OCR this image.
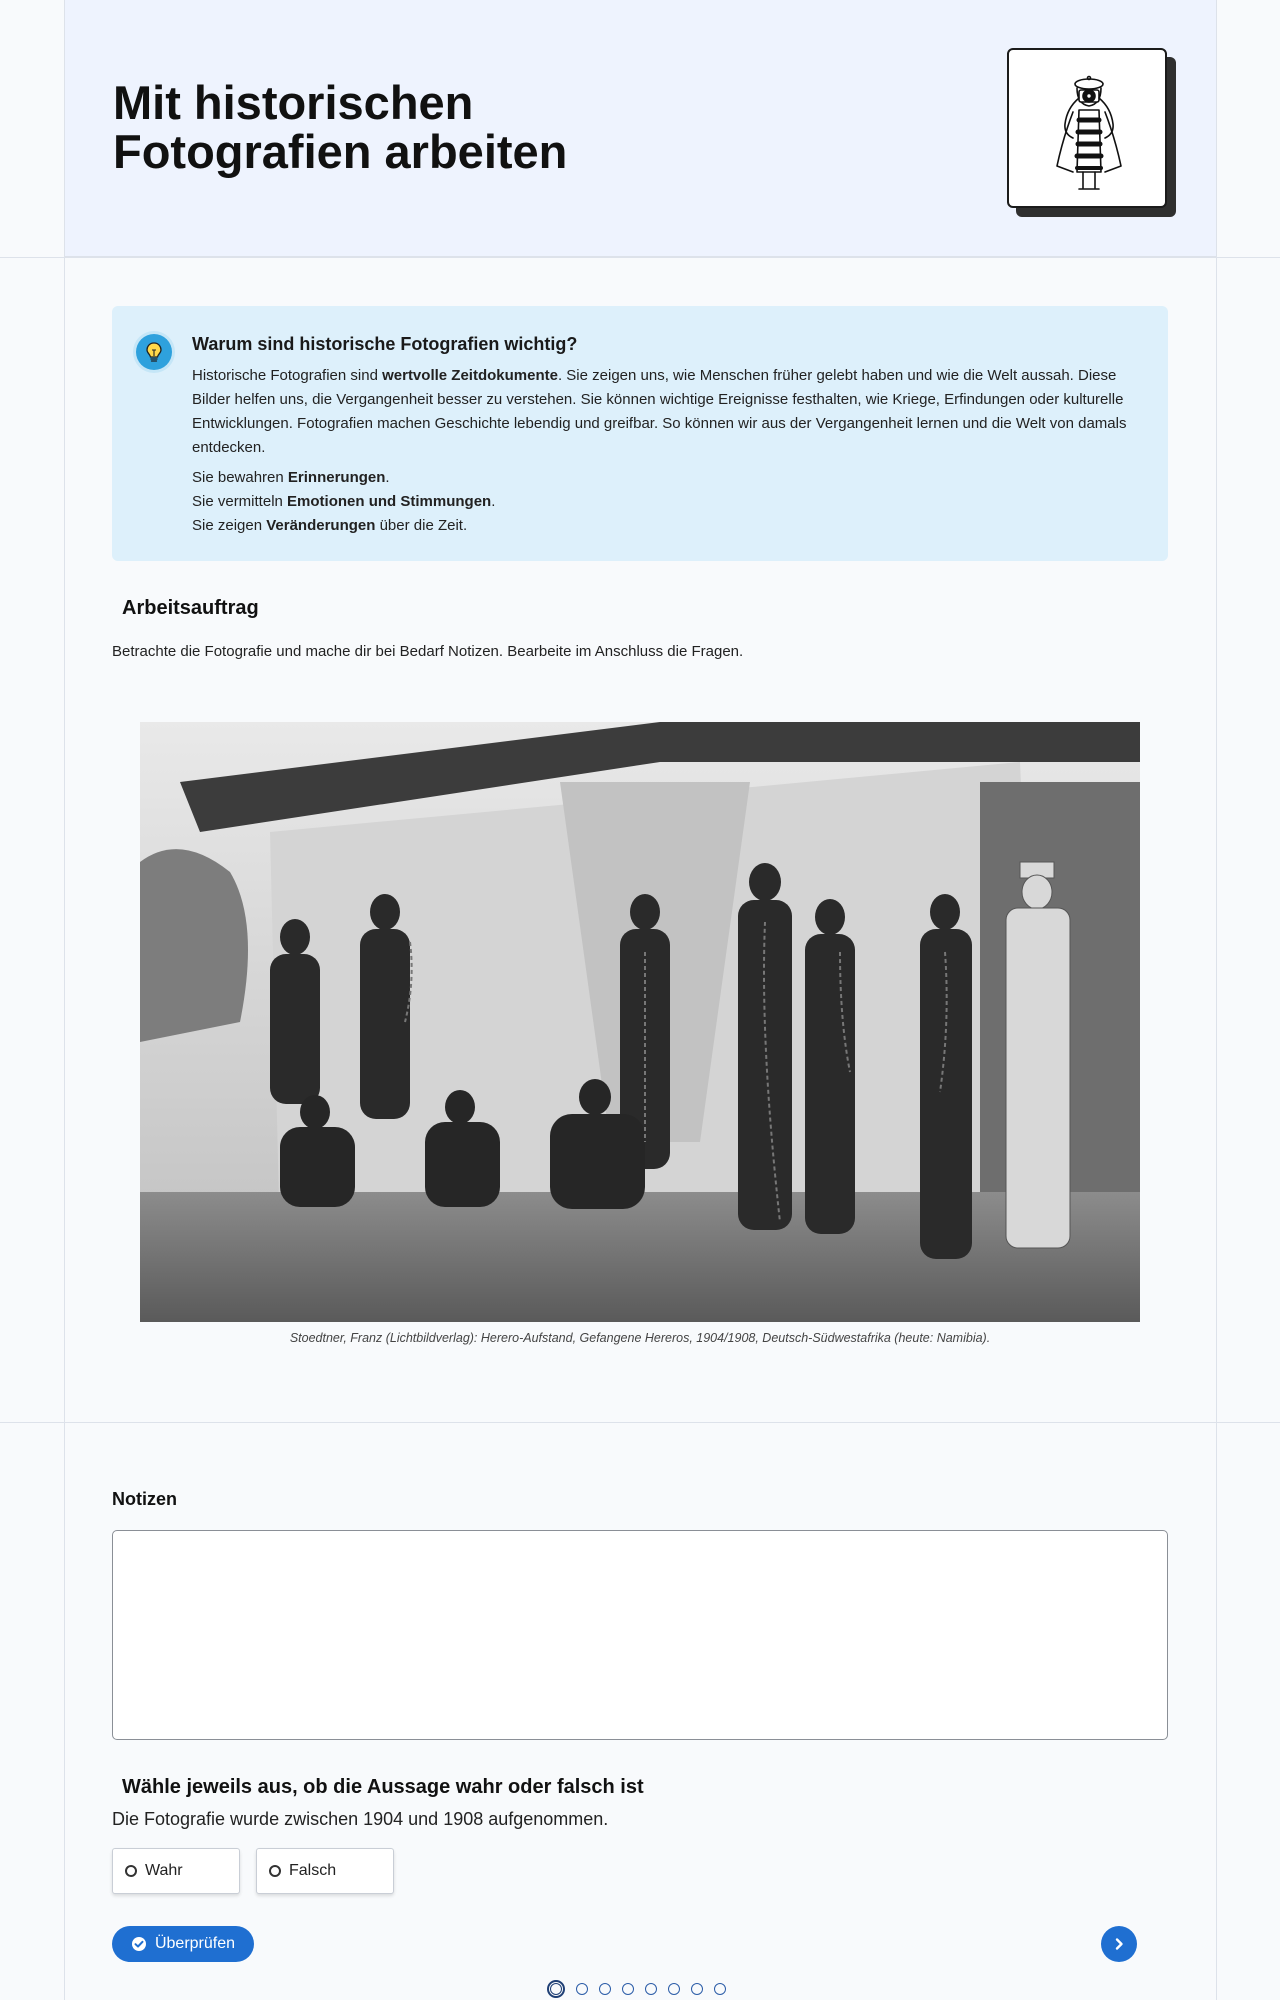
Mit historischen
Fotografien arbeiten
Warum sind historische Fotografien wichtig?

Historische Fotografien sind wertvolle Zeitdokumente. Sie zeigen uns, wie Menschen früher gelebt haben und wie die Welt aussah. Diese Bilder helfen uns, die Vergangenheit besser zu verstehen. Sie können wichtige Ereignisse festhalten, wie Kriege, Erfindungen oder kulturelle Entwicklungen. Fotografien machen Geschichte lebendig und greifbar. So können wir aus der Vergangenheit lernen und die Welt von damals entdecken.

Sie bewahren Erinnerungen.
Sie vermitteln Emotionen und Stimmungen.
Sie zeigen Veränderungen über die Zeit.
Arbeitsauftrag

Betrachte die Fotografie und mache dir bei Bedarf Notizen. Bearbeite im Anschluss die Fragen.

Stoedtner, Franz (Lichtbildverlag): Herero-Aufstand, Gefangene Hereros, 1904/1908, Deutsch-Südwestafrika (heute: Namibia).

Notizen
Wähle jeweils aus, ob die Aussage wahr oder falsch ist

Die Fotografie wurde zwischen 1904 und 1908 aufgenommen.

Wahr	Falsch
Überprüfen
